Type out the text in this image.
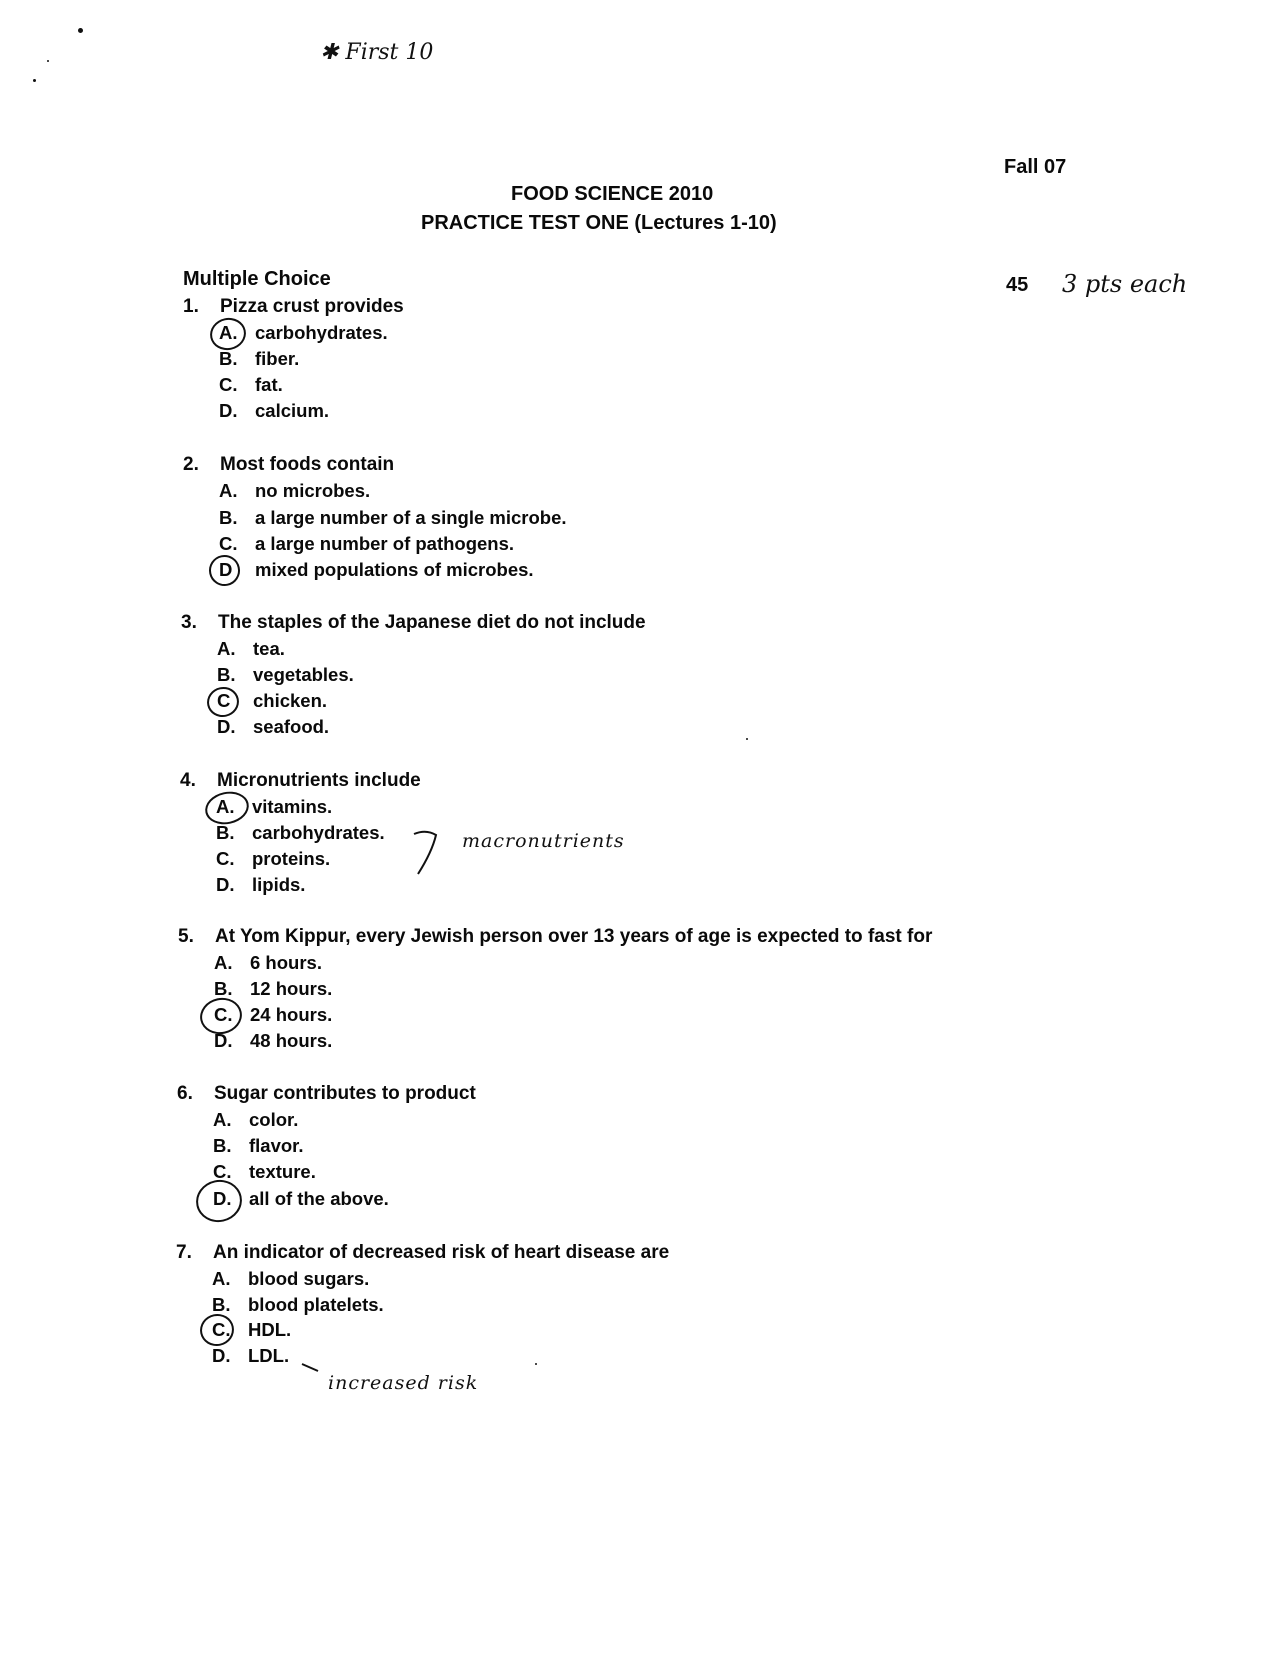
✱ First 10
Fall 07
FOOD SCIENCE 2010
PRACTICE TEST ONE (Lectures 1-10)
Multiple Choice	45 3 pts each
1. Pizza crust provides
A. carbohydrates.
B. fiber.
C. fat.
D. calcium.
2. Most foods contain
A. no microbes.
B. a large number of a single microbe.
C. a large number of pathogens.
D mixed populations of microbes.
3. The staples of the Japanese diet do not include
A. tea.
B. vegetables.
C chicken.
D. seafood.
4. Micronutrients include
A. vitamins.
B. carbohydrates.
C. proteins.
D. lipids.
macronutrients
5. At Yom Kippur, every Jewish person over 13 years of age is expected to fast for
A. 6 hours.
B. 12 hours.
C. 24 hours.
D. 48 hours.
6. Sugar contributes to product
A. color.
B. flavor.
C. texture.
D. all of the above.
7. An indicator of decreased risk of heart disease are
A. blood sugars.
B. blood platelets.
C. HDL.
D. LDL.
increased risk
